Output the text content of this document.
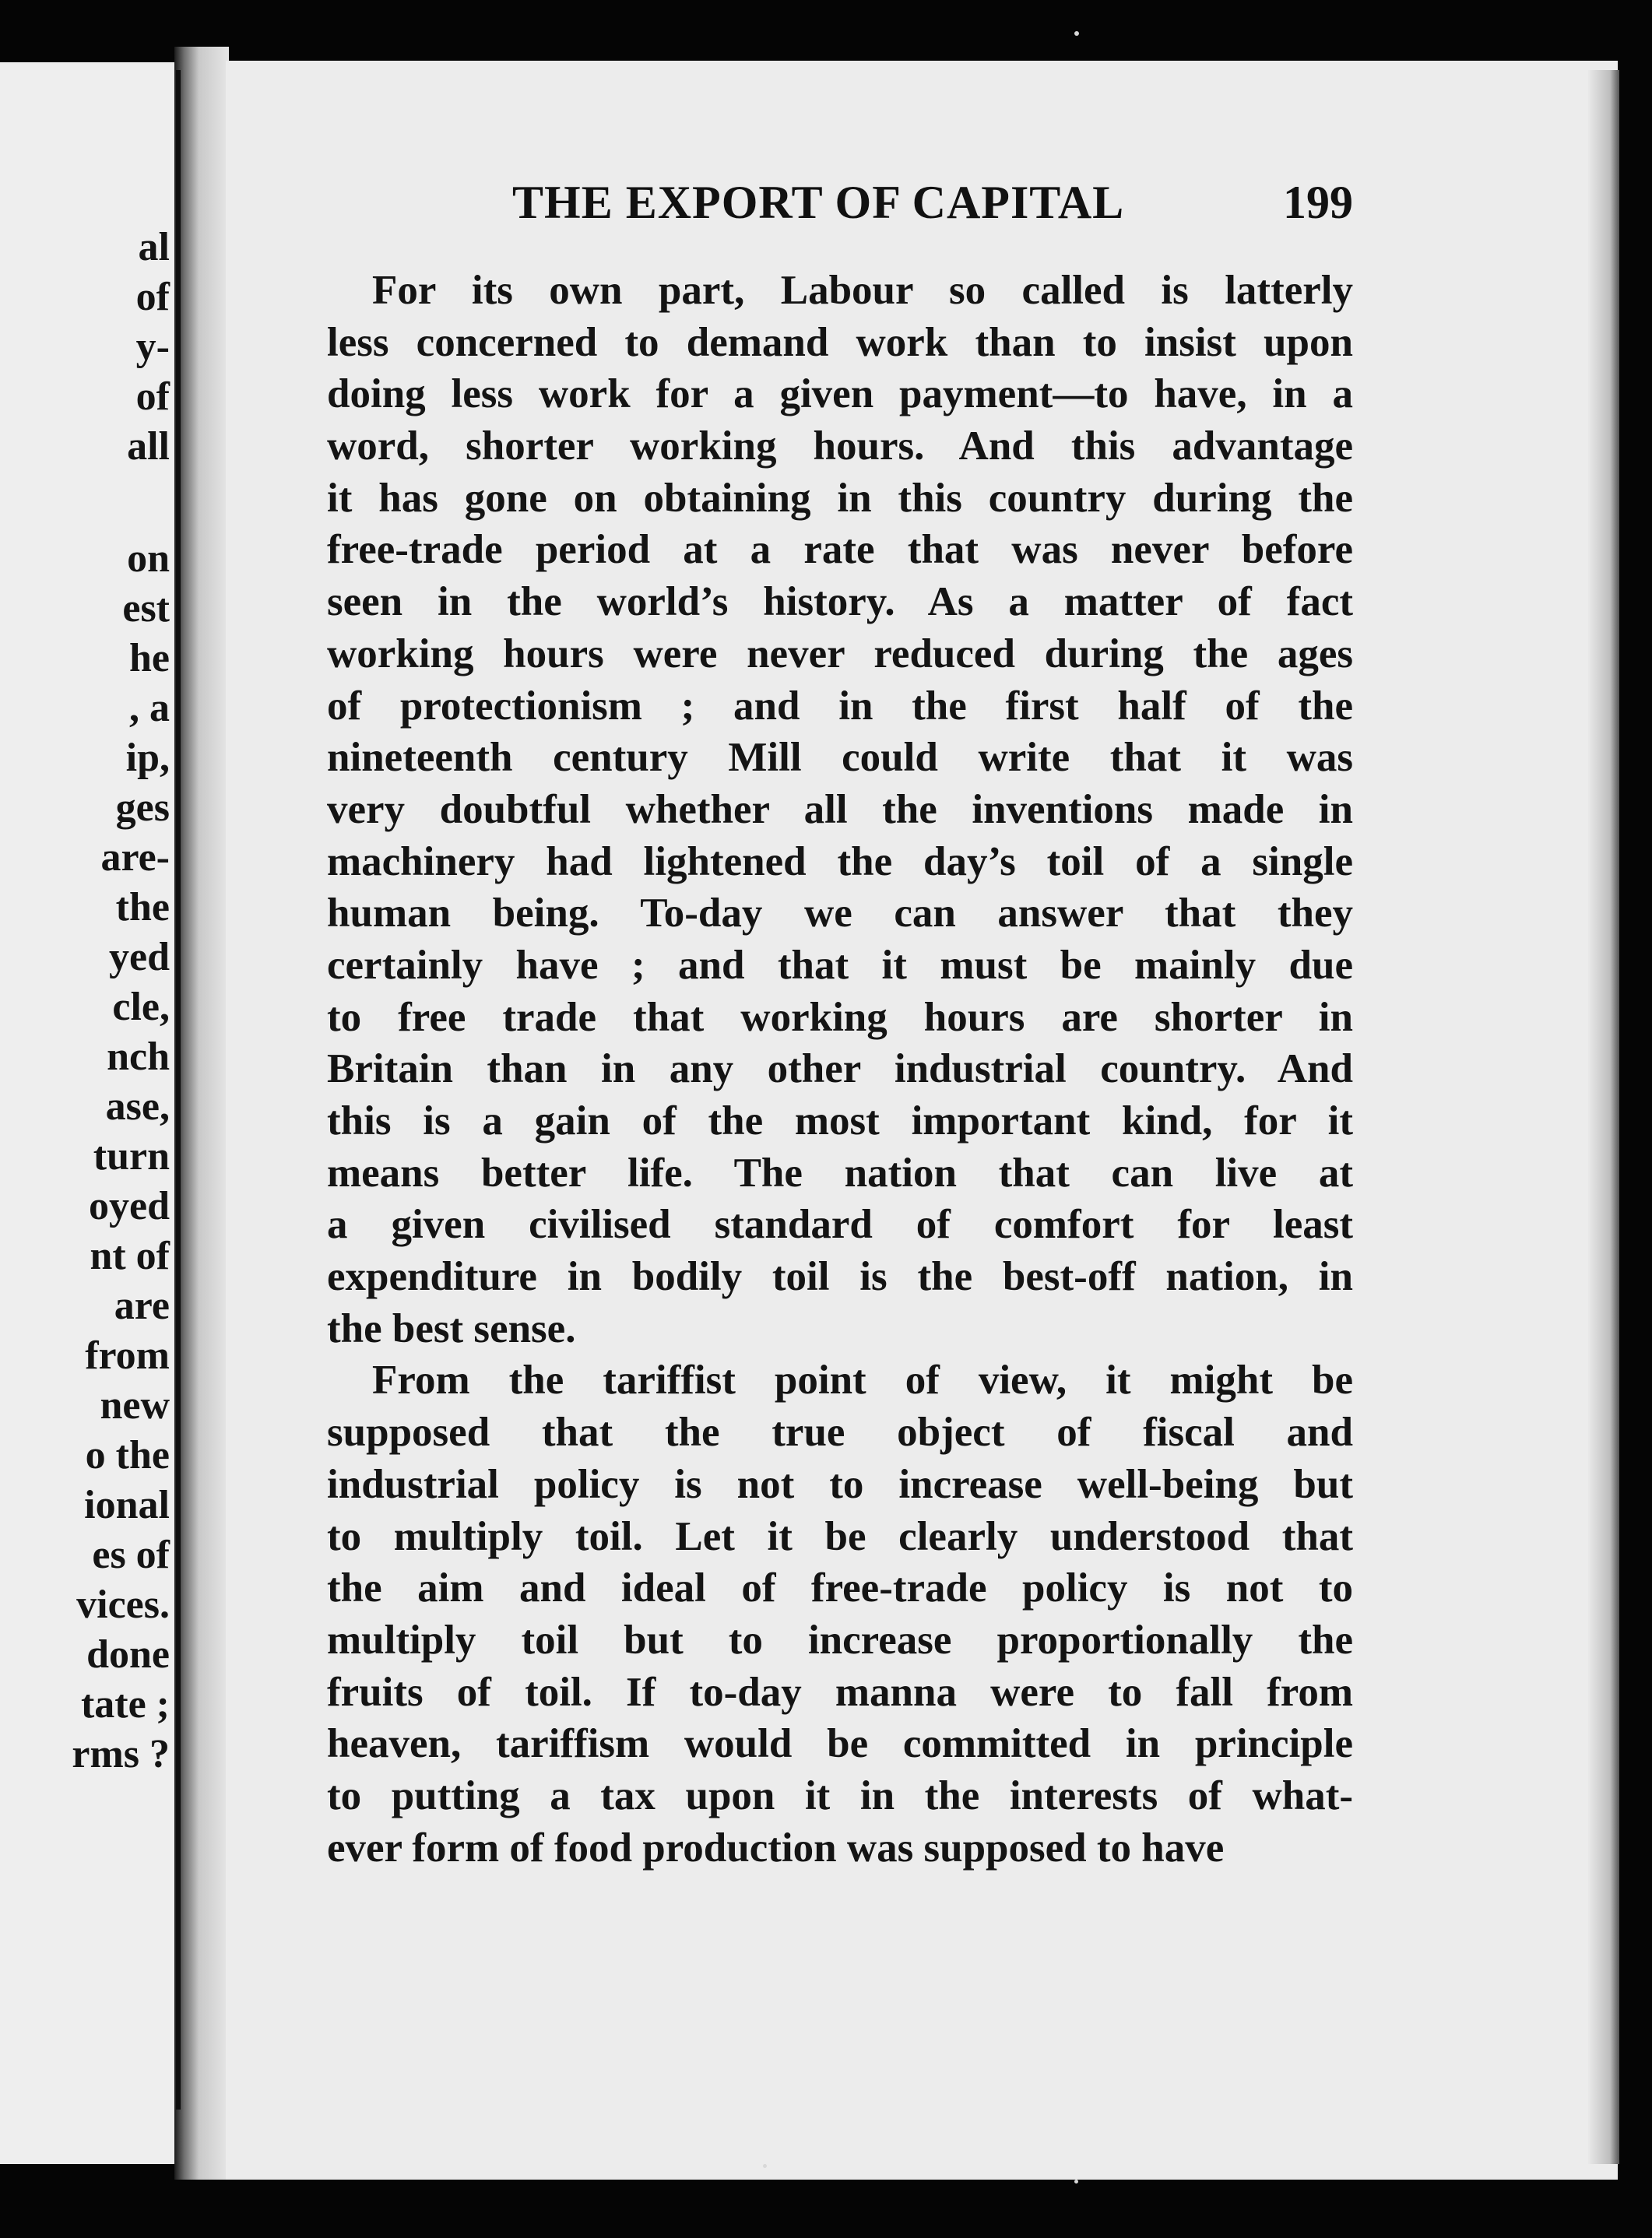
al
of
y-
of
all
on
est
he
, a
ip,
ges
are-
the
yed
cle,
nch
ase,
turn
oyed
nt of
are
from
new
o the
ional
es of
vices.
done
tate ;
rms ?
THE EXPORT OF CAPITAL	199
For its own part, Labour so called is latterly
less concerned to demand work than to insist upon
doing less work for a given payment—to have, in a
word, shorter working hours. And this advantage
it has gone on obtaining in this country during the
free-trade period at a rate that was never before
seen in the world’s history. As a matter of fact
working hours were never reduced during the ages
of protectionism ; and in the first half of the
nineteenth century Mill could write that it was
very doubtful whether all the inventions made in
machinery had lightened the day’s toil of a single
human being. To-day we can answer that they
certainly have ; and that it must be mainly due
to free trade that working hours are shorter in
Britain than in any other industrial country. And
this is a gain of the most important kind, for it
means better life. The nation that can live at
a given civilised standard of comfort for least
expenditure in bodily toil is the best-off nation, in
the best sense.
From the tariffist point of view, it might be
supposed that the true object of fiscal and
industrial policy is not to increase well-being but
to multiply toil. Let it be clearly understood that
the aim and ideal of free-trade policy is not to
multiply toil but to increase proportionally the
fruits of toil. If to-day manna were to fall from
heaven, tariffism would be committed in principle
to putting a tax upon it in the interests of what-
ever form of food production was supposed to have
